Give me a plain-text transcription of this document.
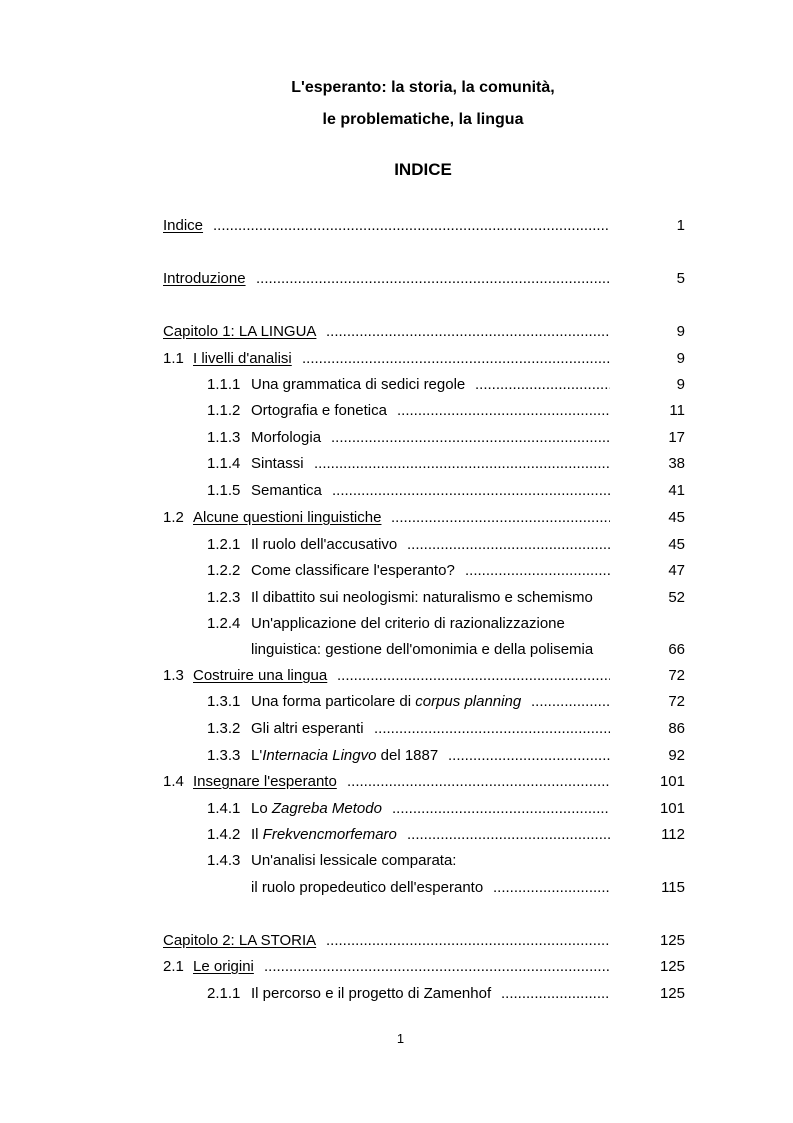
L'esperanto: la storia, la comunità,
le problematiche, la lingua
INDICE
Indice	1
.....
Introduzione	5
.....
Capitolo 1: LA LINGUA	9
.....
1.1 I livelli d'analisi	9
.....
1.1.1 Una grammatica di sedici regole	9
.....
1.1.2 Ortografia e fonetica	11
.....
1.1.3 Morfologia	17
.....
1.1.4 Sintassi	38
.....
1.1.5 Semantica	41
.....
1.2 Alcune questioni linguistiche	45
.....
1.2.1 Il ruolo dell'accusativo	45
.....
1.2.2 Come classificare l'esperanto?	47
.....
1.2.3 Il dibattito sui neologismi: naturalismo e schemismo	52
1.2.4 Un'applicazione del criterio di razionalizzazione
linguistica: gestione dell'omonimia e della polisemia	66
1.3 Costruire una lingua	72
.....
1.3.1 Una forma particolare di corpus planning	72
.....
1.3.2 Gli altri esperanti	86
.....
1.3.3 L'Internacia Lingvo del 1887	92
.....
1.4 Insegnare l'esperanto	101
.....
1.4.1 Lo Zagreba Metodo	101
.....
1.4.2 Il Frekvencmorfemaro	112
.....
1.4.3 Un'analisi lessicale comparata:
il ruolo propedeutico dell'esperanto	115
.....
Capitolo 2: LA STORIA	125
.....
2.1 Le origini	125
.....
2.1.1 Il percorso e il progetto di Zamenhof	125
.....
1
